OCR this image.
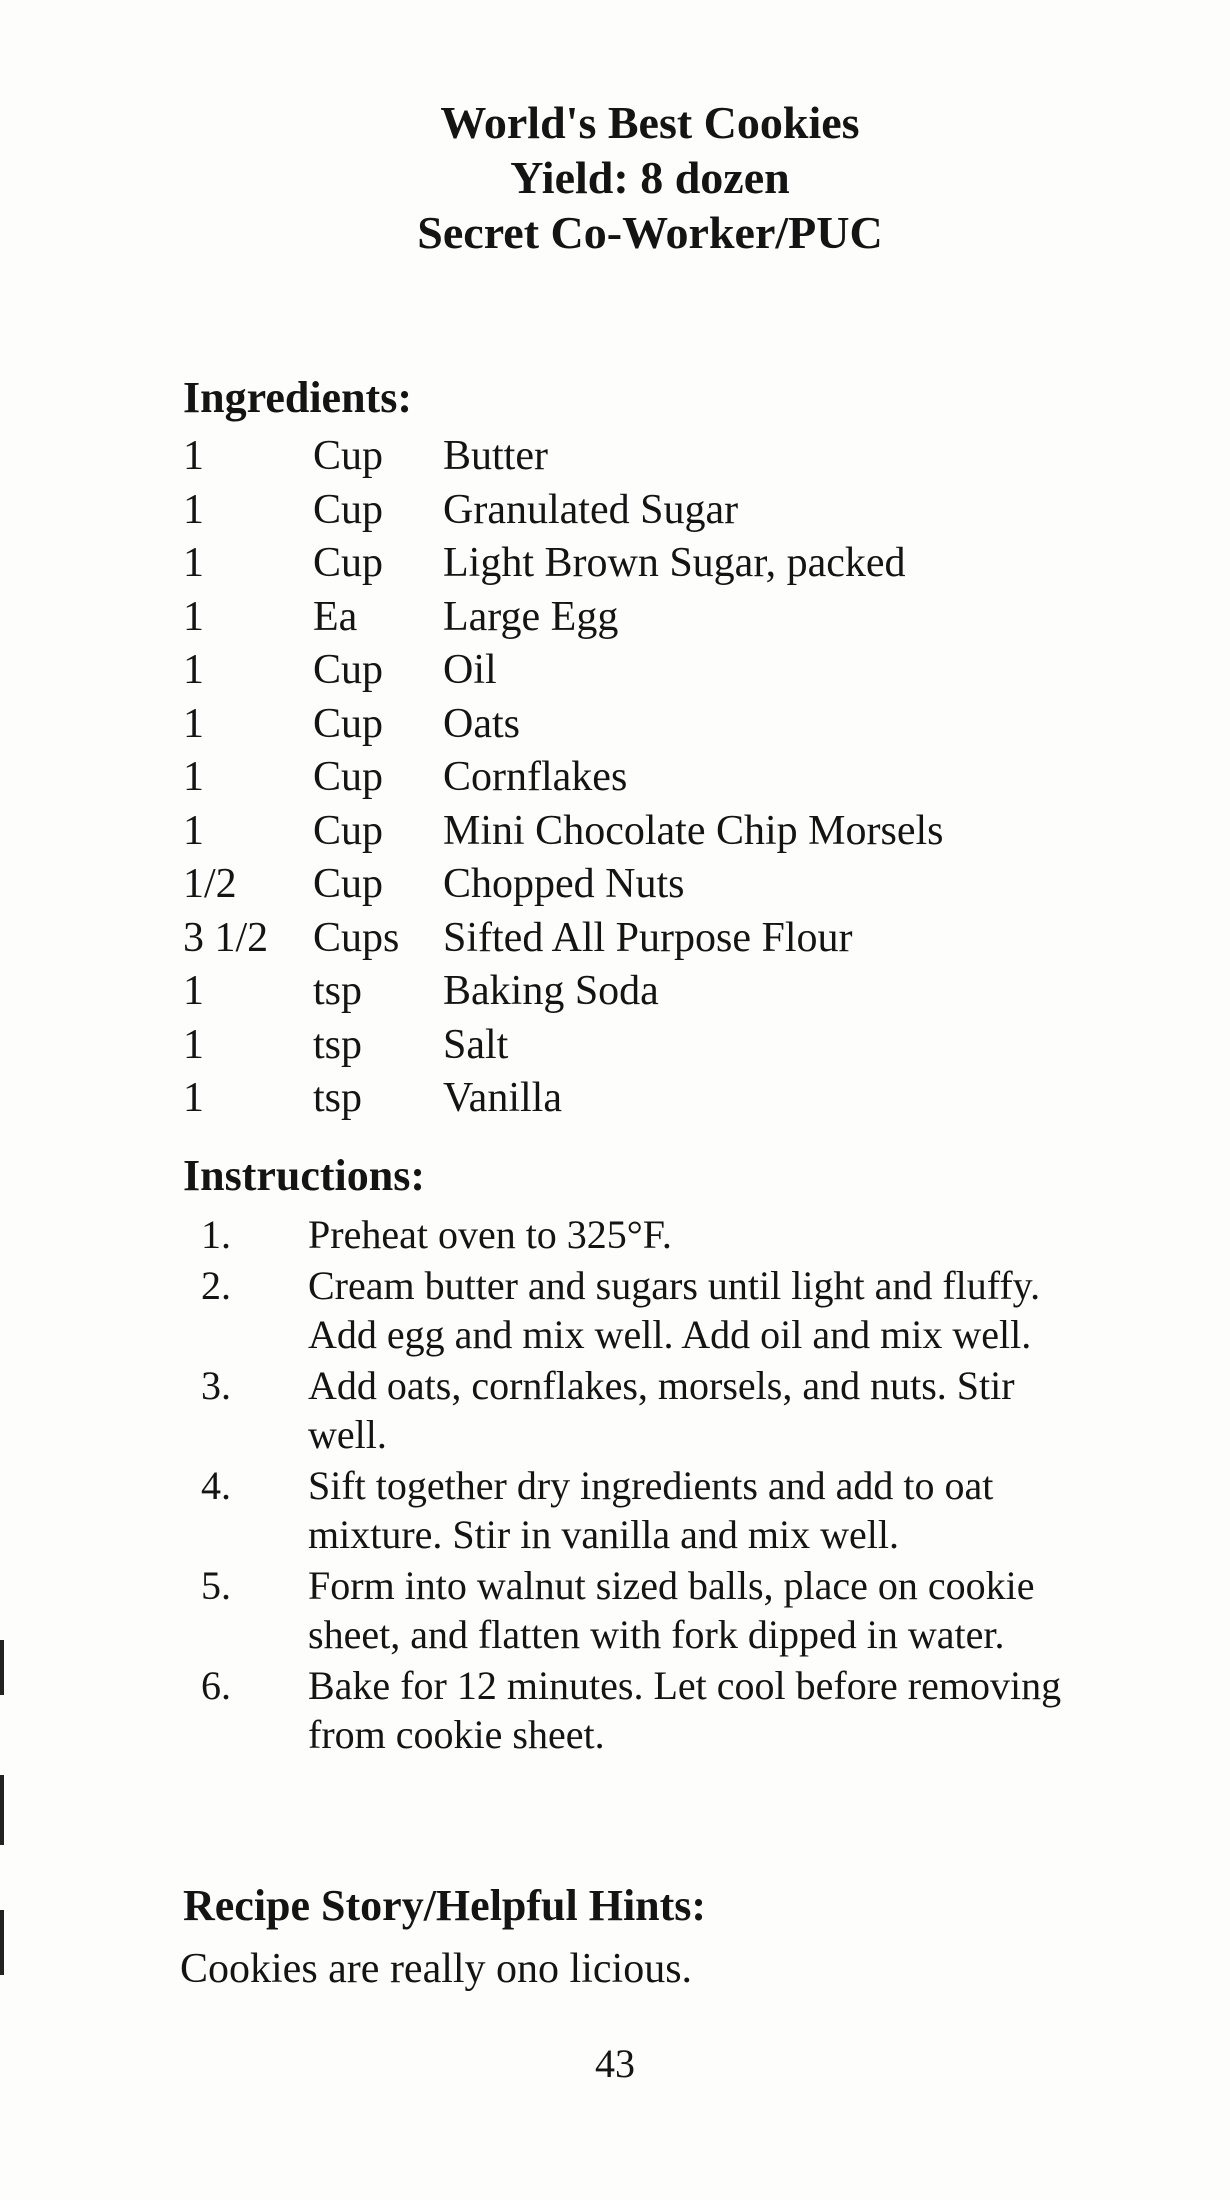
World's Best Cookies

Yield: 8 dozen

Secret Co-Worker/PUC

Ingredients:

1	Cup Butter
1	Cup Granulated Sugar
1	Cup Light Brown Sugar, packed
1	Ea Large Egg
1	Cup Oil
1	Cup Oats
1	Cup Cornflakes
1	Cup Mini Chocolate Chip Morsels
1/2 Cup Chopped Nuts
3 1/2 Cups Sifted All Purpose Flour
1	tsp Baking Soda
1	tsp Salt
1	tsp Vanilla

Instructions:

1. Preheat oven to 325°F.
2. Cream butter and sugars until light and fluffy. Add egg and mix well. Add oil and mix well.
3. Add oats, cornflakes, morsels, and nuts. Stir well.
4. Sift together dry ingredients and add to oat mixture. Stir in vanilla and mix well.
5. Form into walnut sized balls, place on cookie sheet, and flatten with fork dipped in water.
6. Bake for 12 minutes. Let cool before removing from cookie sheet.

Recipe Story/Helpful Hints:

Cookies are really ono licious.

43
